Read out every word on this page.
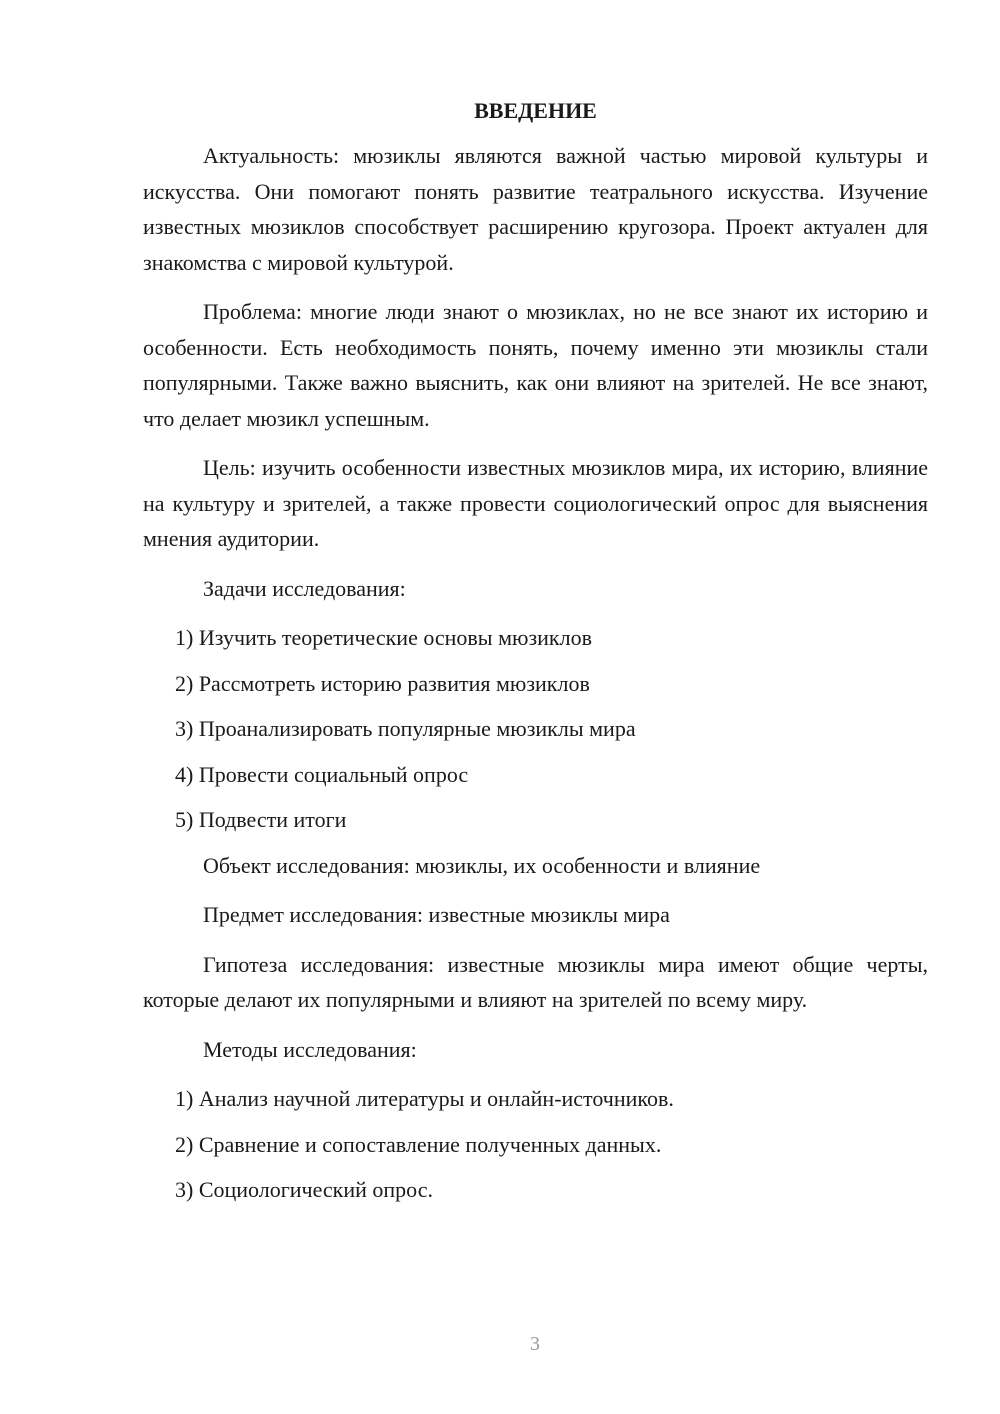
ВВЕДЕНИЕ

Актуальность: мюзиклы являются важной частью мировой культуры и искусства. Они помогают понять развитие театрального искусства. Изучение известных мюзиклов способствует расширению кругозора. Проект актуален для знакомства с мировой культурой.

Проблема: многие люди знают о мюзиклах, но не все знают их историю и особенности. Есть необходимость понять, почему именно эти мюзиклы стали популярными. Также важно выяснить, как они влияют на зрителей. Не все знают, что делает мюзикл успешным.

Цель: изучить особенности известных мюзиклов мира, их историю, влияние на культуру и зрителей, а также провести социологический опрос для выяснения мнения аудитории.

Задачи исследования:

1) Изучить теоретические основы мюзиклов
2) Рассмотреть историю развития мюзиклов
3) Проанализировать популярные мюзиклы мира
4) Провести социальный опрос
5) Подвести итоги

Объект исследования: мюзиклы, их особенности и влияние

Предмет исследования: известные мюзиклы мира

Гипотеза исследования: известные мюзиклы мира имеют общие черты, которые делают их популярными и влияют на зрителей по всему миру.

Методы исследования:

1) Анализ научной литературы и онлайн-источников.
2) Сравнение и сопоставление полученных данных.
3) Социологический опрос.
3
